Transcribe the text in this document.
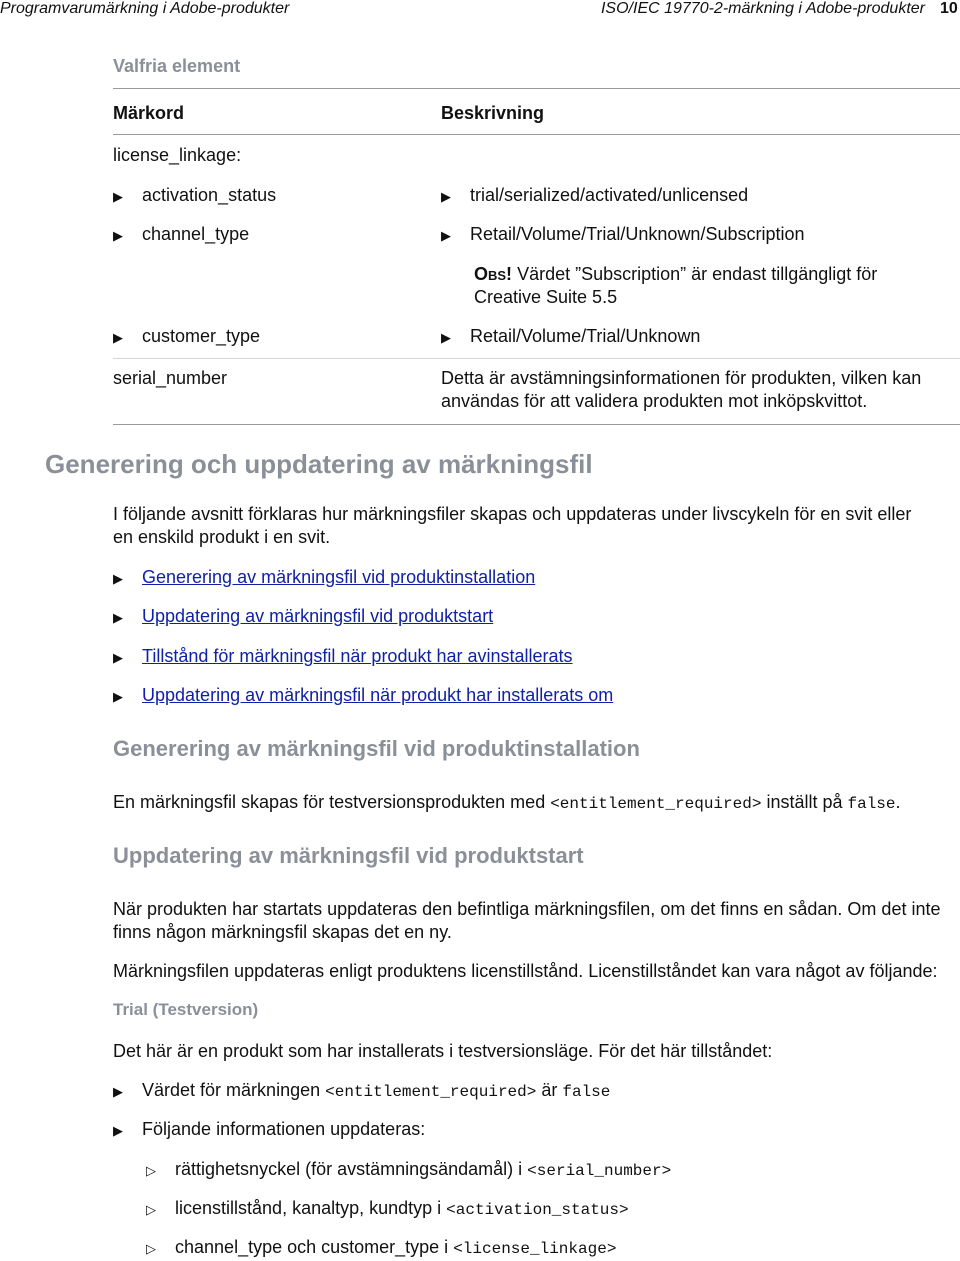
Programvarumärkning i Adobe-produkter	ISO/IEC 19770-2-märkning i Adobe-produkter 10
Valfria element
Märkord	Beskrivning
license_linkage:
▶ activation_status	▶ trial/serialized/activated/unlicensed
▶ channel_type	▶ Retail/Volume/Trial/Unknown/Subscription
Obs! Värdet ”Subscription” är endast tillgängligt för
Creative Suite 5.5
▶ customer_type	▶ Retail/Volume/Trial/Unknown
serial_number	Detta är avstämningsinformationen för produkten, vilken kan
användas för att validera produkten mot inköpskvittot.
Generering och uppdatering av märkningsfil
I följande avsnitt förklaras hur märkningsfiler skapas och uppdateras under livscykeln för en svit eller
en enskild produkt i en svit.
▶ Generering av märkningsfil vid produktinstallation
▶ Uppdatering av märkningsfil vid produktstart
▶ Tillstånd för märkningsfil när produkt har avinstallerats
▶ Uppdatering av märkningsfil när produkt har installerats om
Generering av märkningsfil vid produktinstallation
En märkningsfil skapas för testversionsprodukten med <entitlement_required> inställt på false.
Uppdatering av märkningsfil vid produktstart
När produkten har startats uppdateras den befintliga märkningsfilen, om det finns en sådan. Om det inte
finns någon märkningsfil skapas det en ny.
Märkningsfilen uppdateras enligt produktens licenstillstånd. Licenstillståndet kan vara något av följande:
Trial (Testversion)
Det här är en produkt som har installerats i testversionsläge. För det här tillståndet:
▶ Värdet för märkningen <entitlement_required> är false
▶ Följande informationen uppdateras:
▷ rättighetsnyckel (för avstämningsändamål) i <serial_number>
▷ licenstillstånd, kanaltyp, kundtyp i <activation_status>
▷ channel_type och customer_type i <license_linkage>
